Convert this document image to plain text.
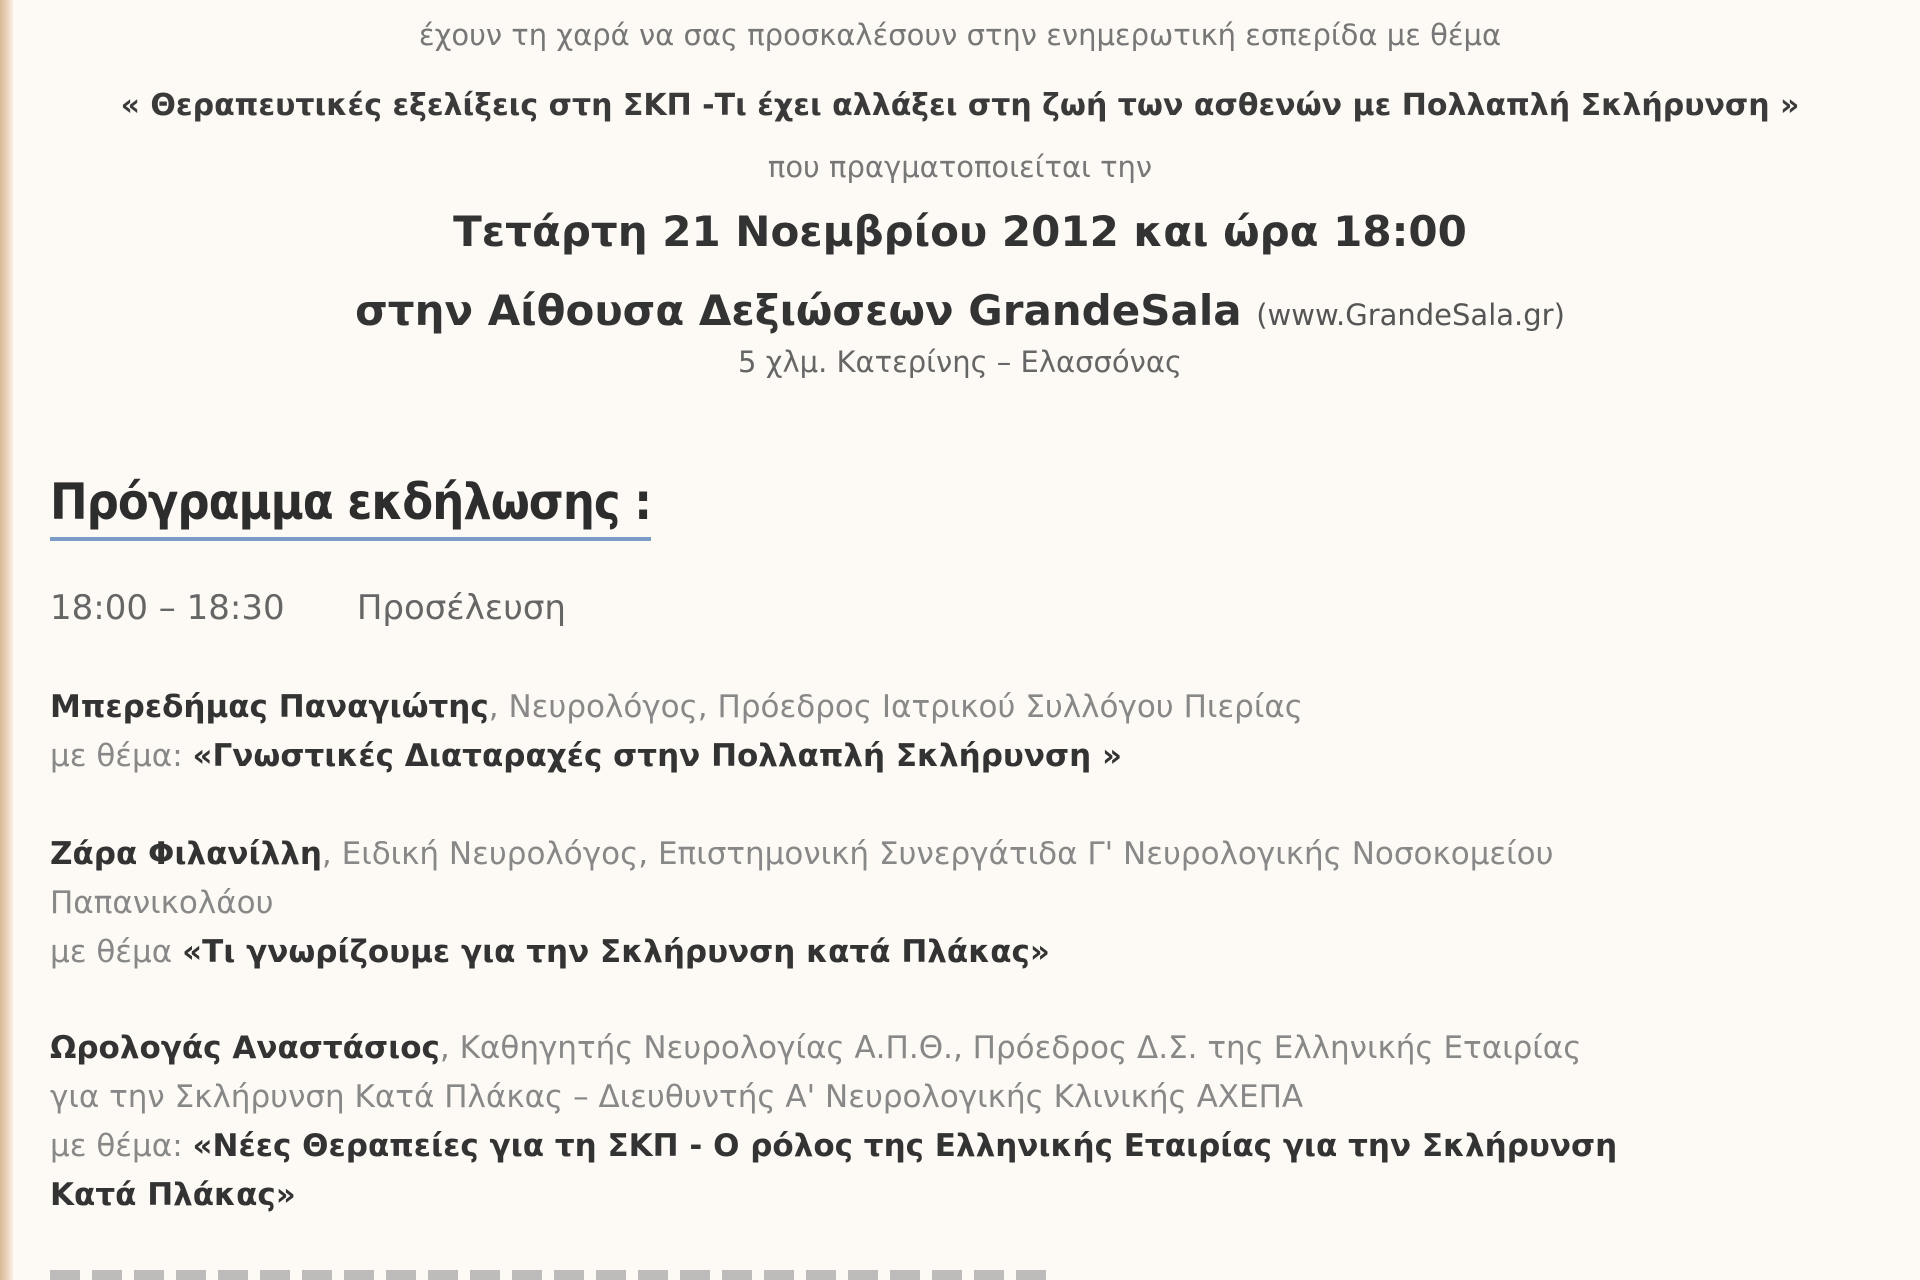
έχουν τη χαρά να σας προσκαλέσουν στην ενημερωτική εσπερίδα με θέμα
« Θεραπευτικές εξελίξεις στη ΣΚΠ -Τι έχει αλλάξει στη ζωή των ασθενών με Πολλαπλή Σκλήρυνση »
που πραγματοποιείται την
Τετάρτη 21 Νοεμβρίου 2012 και ώρα 18:00
στην Αίθουσα Δεξιώσεων GrandeSala (www.GrandeSala.gr)
5 χλμ. Κατερίνης – Ελασσόνας
Πρόγραμμα εκδήλωσης :
18:00 – 18:30 Προσέλευση
Μπερεδήμας Παναγιώτης, Νευρολόγος, Πρόεδρος Ιατρικού Συλλόγου Πιερίας
με θέμα: «Γνωστικές Διαταραχές στην Πολλαπλή Σκλήρυνση »
Ζάρα Φιλανίλλη, Ειδική Νευρολόγος, Επιστημονική Συνεργάτιδα Γ' Νευρολογικής Νοσοκομείου
Παπανικολάου
με θέμα «Τι γνωρίζουμε για την Σκλήρυνση κατά Πλάκας»
Ωρολογάς Αναστάσιος, Καθηγητής Νευρολογίας Α.Π.Θ., Πρόεδρος Δ.Σ. της Ελληνικής Εταιρίας
για την Σκλήρυνση Κατά Πλάκας – Διευθυντής Α' Νευρολογικής Κλινικής ΑΧΕΠΑ
με θέμα: «Νέες Θεραπείες για τη ΣΚΠ - Ο ρόλος της Ελληνικής Εταιρίας για την Σκλήρυνση
Κατά Πλάκας»
